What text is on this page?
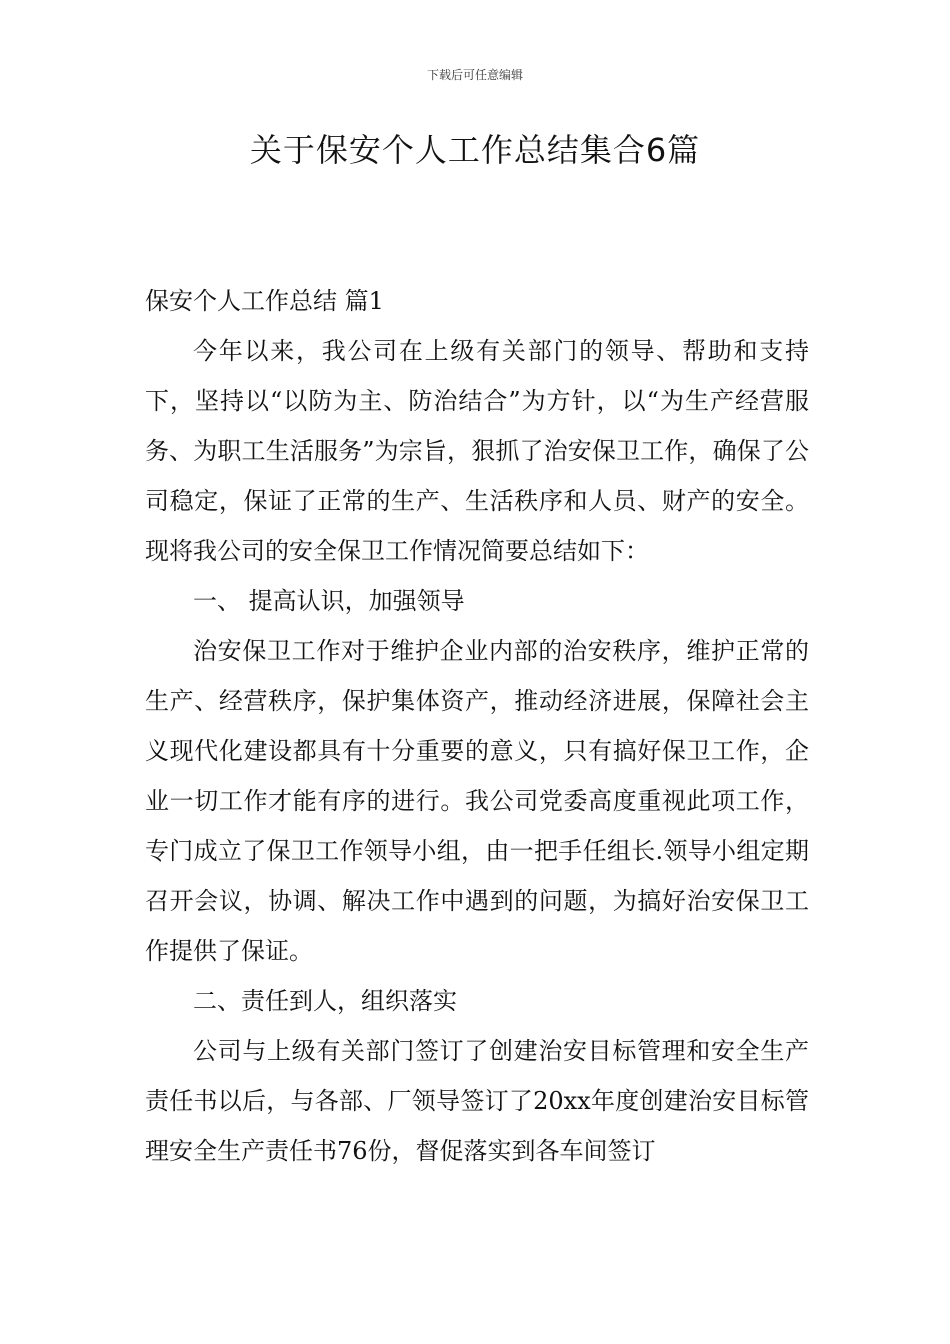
下载后可任意编辑
关于保安个人工作总结集合6篇

保安个人工作总结 篇1

今年以来，我公司在上级有关部门的领导、帮助和支持下，坚持以“以防为主、防治结合”为方针，以“为生产经营服务、为职工生活服务”为宗旨，狠抓了治安保卫工作，确保了公司稳定，保证了正常的生产、生活秩序和人员、财产的安全。现将我公司的安全保卫工作情况简要总结如下：

一、 提高认识，加强领导

治安保卫工作对于维护企业内部的治安秩序，维护正常的生产、经营秩序，保护集体资产，推动经济进展，保障社会主义现代化建设都具有十分重要的意义，只有搞好保卫工作，企业一切工作才能有序的进行。我公司党委高度重视此项工作，专门成立了保卫工作领导小组，由一把手任组长.领导小组定期召开会议，协调、解决工作中遇到的问题，为搞好治安保卫工作提供了保证。

二、责任到人，组织落实

公司与上级有关部门签订了创建治安目标管理和安全生产责任书以后，与各部、厂领导签订了20xx年度创建治安目标管理安全生产责任书76份，督促落实到各车间签订
